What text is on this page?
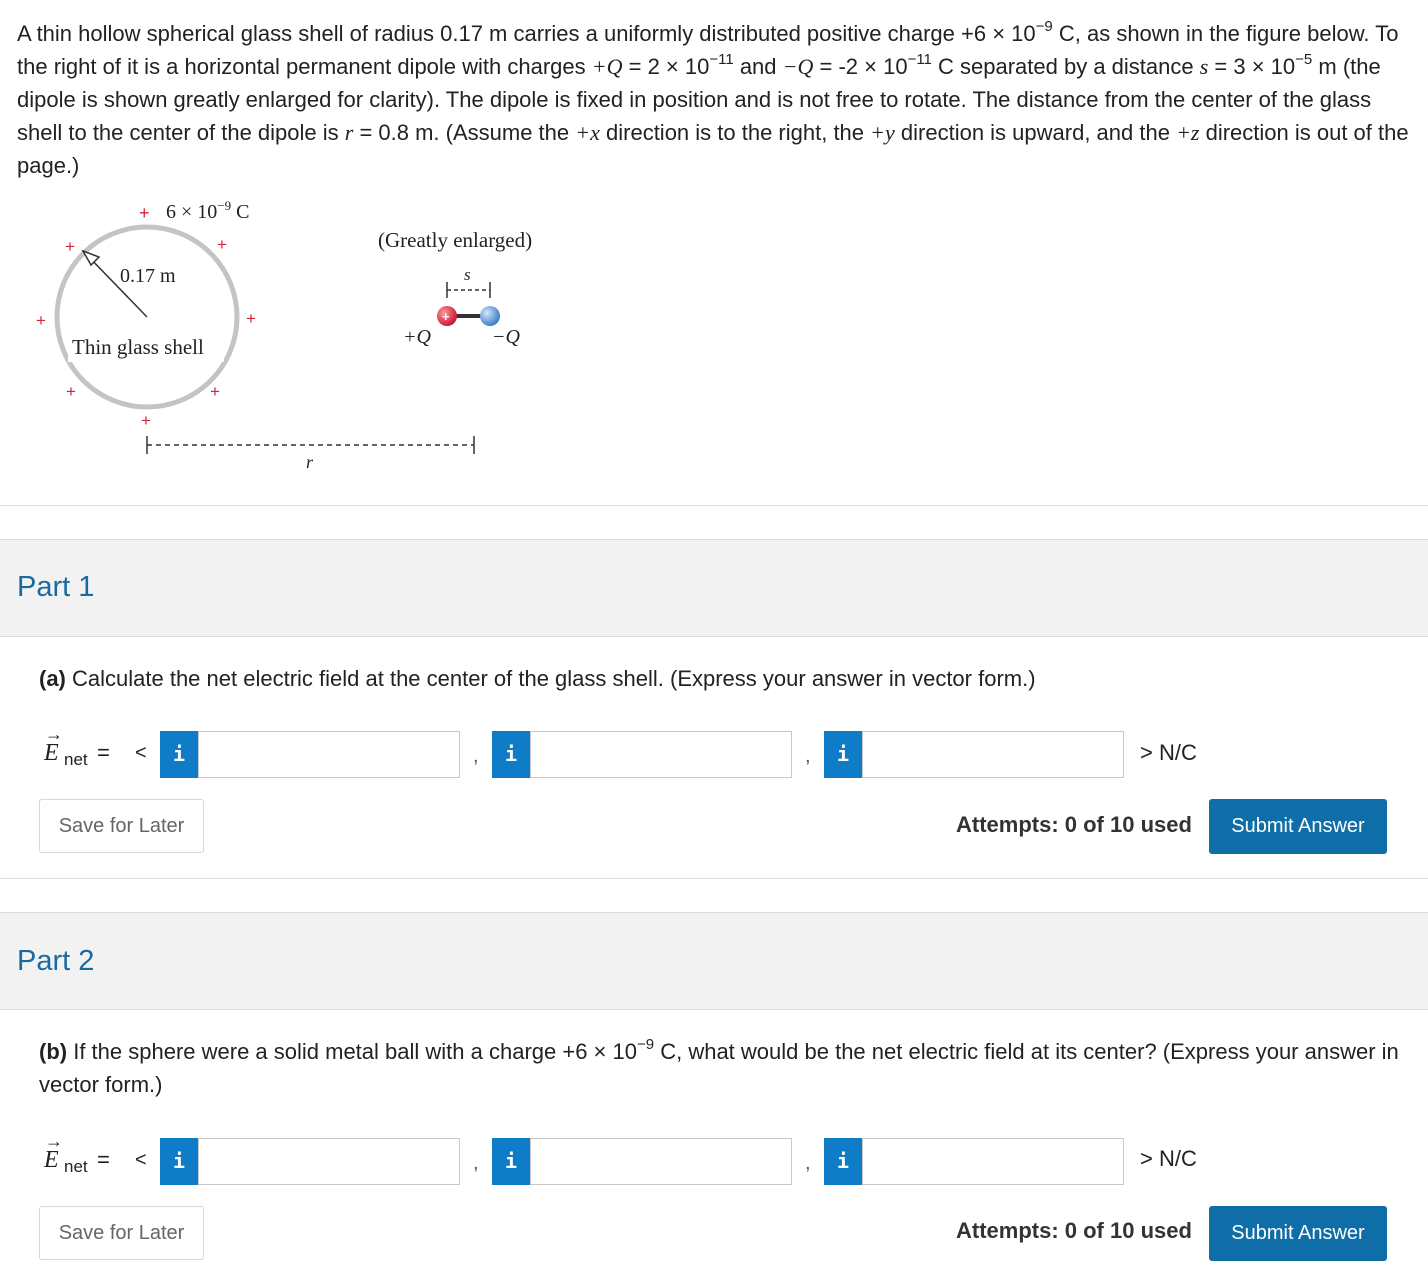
A thin hollow spherical glass shell of radius 0.17 m carries a uniformly distributed positive charge $+6 \times 10^{-9}$ C, as shown in the figure below. To the right of it is a horizontal permanent dipole with charges $+Q = 2 \times 10^{-11}$ and $-Q = -2 \times 10^{-11}$ C separated by a distance $s = 3 \times 10^{-5}$ m (the dipole is shown greatly enlarged for clarity). The dipole is fixed in position and is not free to rotate. The distance from the center of the glass shell to the center of the dipole is r = 0.8 m. (Assume the +x direction is to the right, the +y direction is upward, and the +z direction is out of the page.)

0.17 m
Thin glass shell
+ $6 \times 10^{-9}$ C
+	+
+	+
+	+
+
r
(Greatly enlarged)
s
+
+Q	−Q
Part 1

(a) Calculate the net electric field at the center of the glass shell. (Express your answer in vector form.)

→
E net = <	i	,	i	,	i	> N/C
Save for Later	Attempts: 0 of 10 used	Submit Answer
Part 2

(b) If the sphere were a solid metal ball with a charge $+6 \times 10^{-9}$ C, what would be the net electric field at its center? (Express your answer in vector form.)

→
E net = <	i	,	i	,	i	> N/C
Save for Later	Attempts: 0 of 10 used	Submit Answer
